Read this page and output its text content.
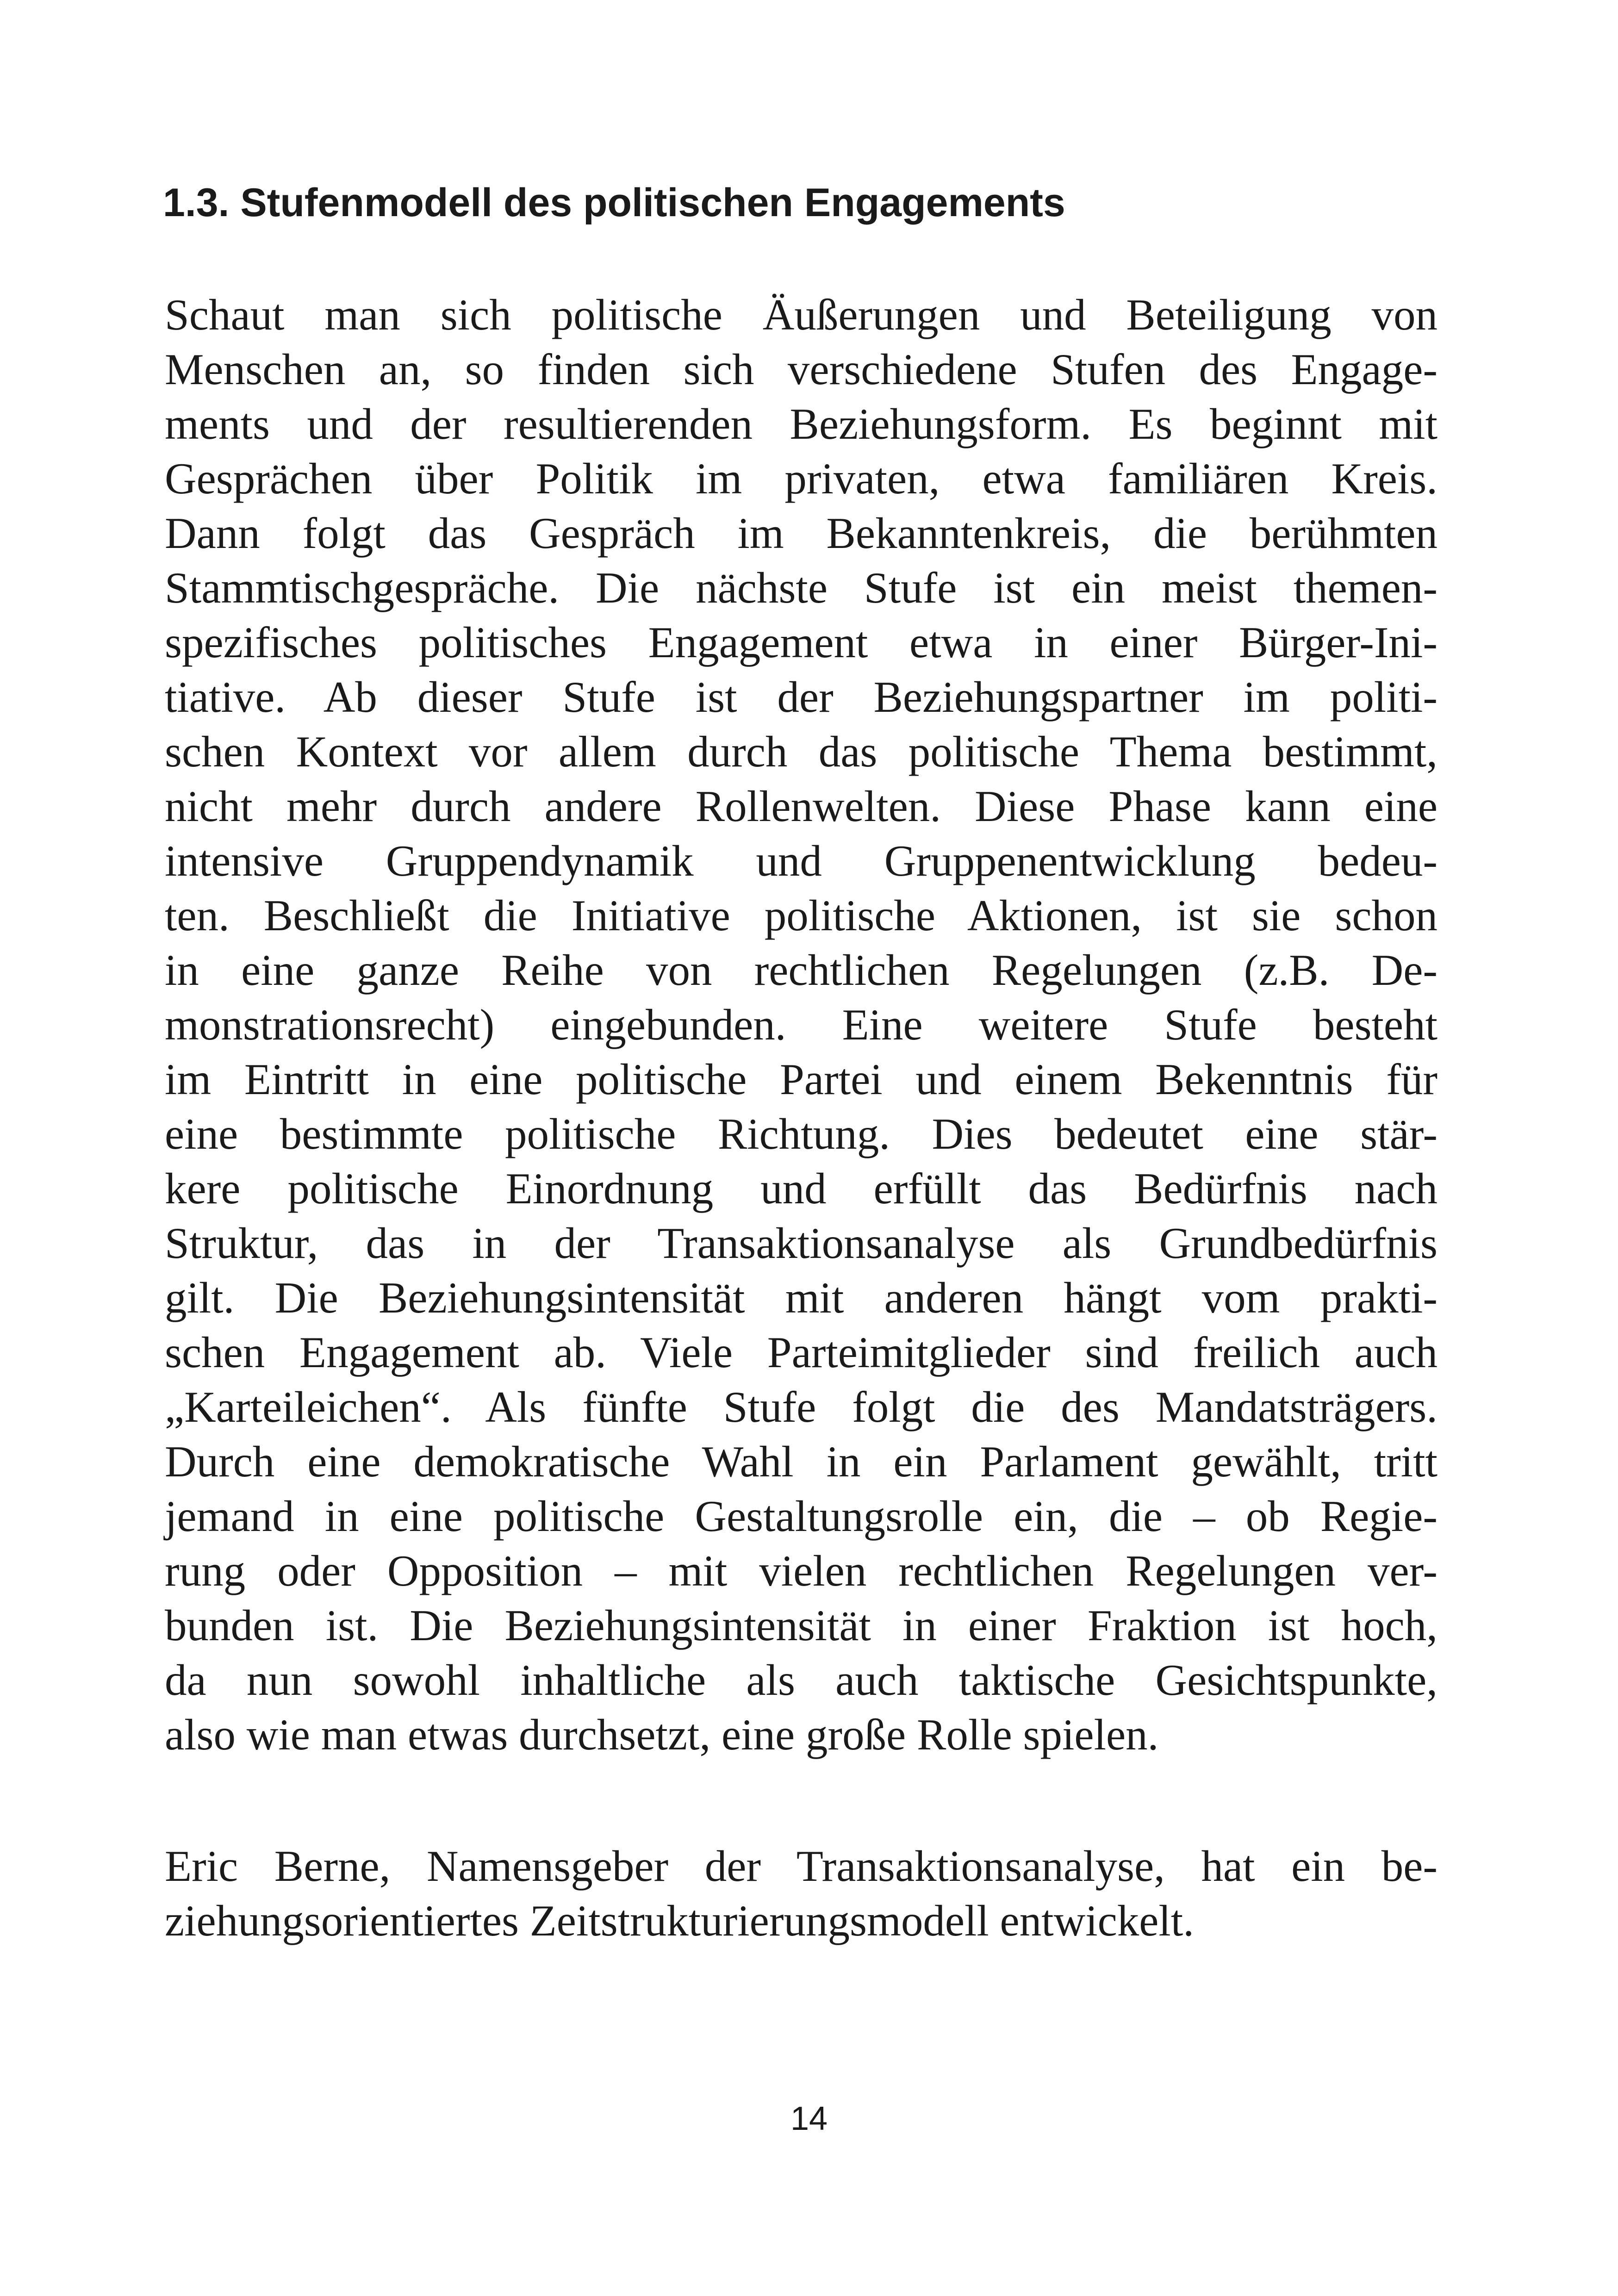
1.3. Stufenmodell des politischen Engagements
Schaut man sich politische Äußerungen und Beteiligung von
Menschen an, so finden sich verschiedene Stufen des Engage-
ments und der resultierenden Beziehungsform. Es beginnt mit
Gesprächen über Politik im privaten, etwa familiären Kreis.
Dann folgt das Gespräch im Bekanntenkreis, die berühmten
Stammtischgespräche. Die nächste Stufe ist ein meist themen-
spezifisches politisches Engagement etwa in einer Bürger-Ini-
tiative. Ab dieser Stufe ist der Beziehungspartner im politi-
schen Kontext vor allem durch das politische Thema bestimmt,
nicht mehr durch andere Rollenwelten. Diese Phase kann eine
intensive Gruppendynamik und Gruppenentwicklung bedeu-
ten. Beschließt die Initiative politische Aktionen, ist sie schon
in eine ganze Reihe von rechtlichen Regelungen (z.B. De-
monstrationsrecht) eingebunden. Eine weitere Stufe besteht
im Eintritt in eine politische Partei und einem Bekenntnis für
eine bestimmte politische Richtung. Dies bedeutet eine stär-
kere politische Einordnung und erfüllt das Bedürfnis nach
Struktur, das in der Transaktionsanalyse als Grundbedürfnis
gilt. Die Beziehungsintensität mit anderen hängt vom prakti-
schen Engagement ab. Viele Parteimitglieder sind freilich auch
„Karteileichen“. Als fünfte Stufe folgt die des Mandatsträgers.
Durch eine demokratische Wahl in ein Parlament gewählt, tritt
jemand in eine politische Gestaltungsrolle ein, die – ob Regie-
rung oder Opposition – mit vielen rechtlichen Regelungen ver-
bunden ist. Die Beziehungsintensität in einer Fraktion ist hoch,
da nun sowohl inhaltliche als auch taktische Gesichtspunkte,
also wie man etwas durchsetzt, eine große Rolle spielen.
Eric Berne, Namensgeber der Transaktionsanalyse, hat ein be-
ziehungsorientiertes Zeitstrukturierungsmodell entwickelt.
14
